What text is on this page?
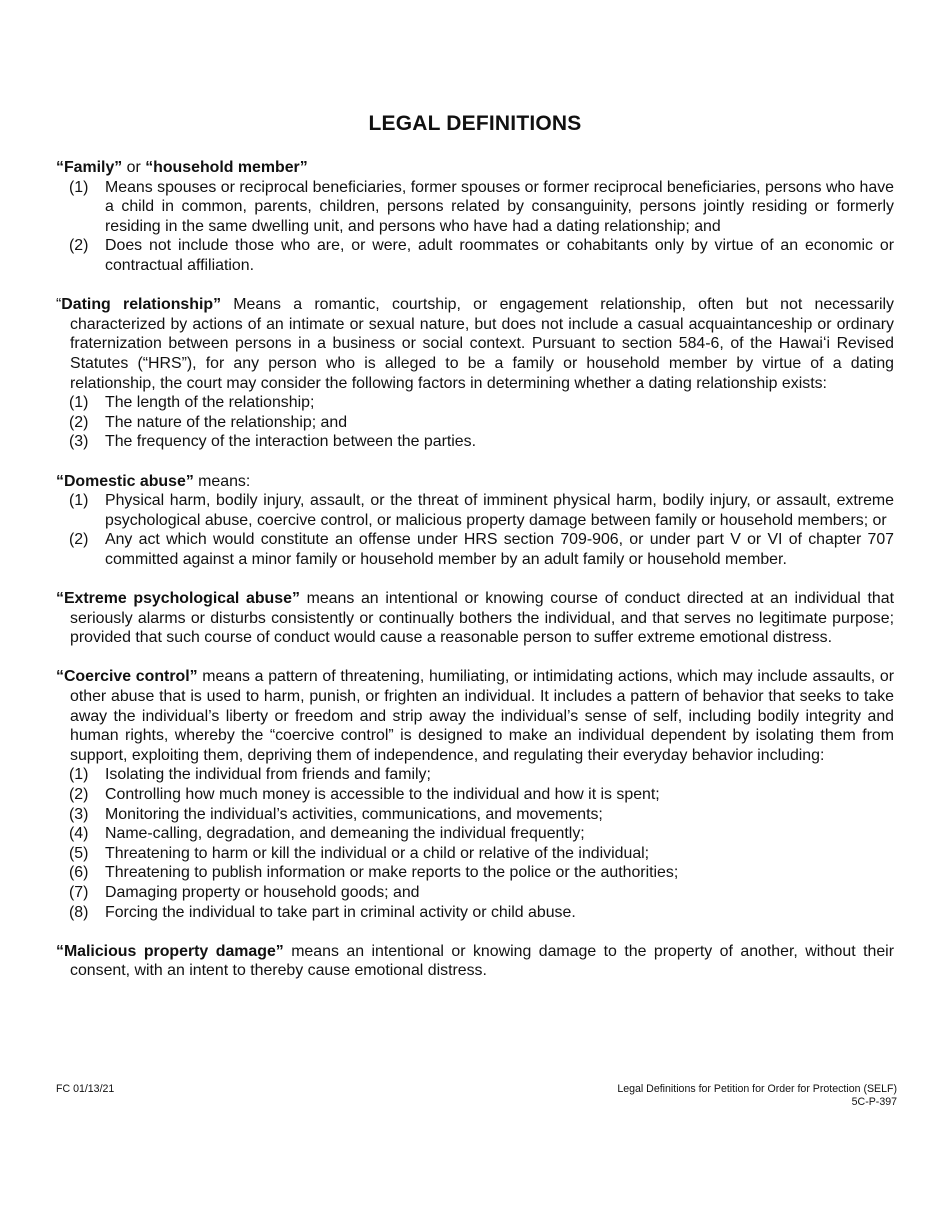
LEGAL DEFINITIONS
“Family” or “household member”
(1) Means spouses or reciprocal beneficiaries, former spouses or former reciprocal beneficiaries, persons who have a child in common, parents, children, persons related by consanguinity, persons jointly residing or formerly residing in the same dwelling unit, and persons who have had a dating relationship; and
(2) Does not include those who are, or were, adult roommates or cohabitants only by virtue of an economic or contractual affiliation.
“Dating relationship” Means a romantic, courtship, or engagement relationship, often but not necessarily characterized by actions of an intimate or sexual nature, but does not include a casual acquaintanceship or ordinary fraternization between persons in a business or social context. Pursuant to section 584-6, of the Hawaiʻi Revised Statutes (“HRS”), for any person who is alleged to be a family or household member by virtue of a dating relationship, the court may consider the following factors in determining whether a dating relationship exists:
(1) The length of the relationship;
(2) The nature of the relationship; and
(3) The frequency of the interaction between the parties.
“Domestic abuse” means:
(1) Physical harm, bodily injury, assault, or the threat of imminent physical harm, bodily injury, or assault, extreme psychological abuse, coercive control, or malicious property damage between family or household members; or
(2) Any act which would constitute an offense under HRS section 709-906, or under part V or VI of chapter 707 committed against a minor family or household member by an adult family or household member.
“Extreme psychological abuse” means an intentional or knowing course of conduct directed at an individual that seriously alarms or disturbs consistently or continually bothers the individual, and that serves no legitimate purpose; provided that such course of conduct would cause a reasonable person to suffer extreme emotional distress.
“Coercive control” means a pattern of threatening, humiliating, or intimidating actions, which may include assaults, or other abuse that is used to harm, punish, or frighten an individual. It includes a pattern of behavior that seeks to take away the individual’s liberty or freedom and strip away the individual’s sense of self, including bodily integrity and human rights, whereby the “coercive control” is designed to make an individual dependent by isolating them from support, exploiting them, depriving them of independence, and regulating their everyday behavior including:
(1) Isolating the individual from friends and family;
(2) Controlling how much money is accessible to the individual and how it is spent;
(3) Monitoring the individual’s activities, communications, and movements;
(4) Name-calling, degradation, and demeaning the individual frequently;
(5) Threatening to harm or kill the individual or a child or relative of the individual;
(6) Threatening to publish information or make reports to the police or the authorities;
(7) Damaging property or household goods; and
(8) Forcing the individual to take part in criminal activity or child abuse.
“Malicious property damage” means an intentional or knowing damage to the property of another, without their consent, with an intent to thereby cause emotional distress.
FC 01/13/21	Legal Definitions for Petition for Order for Protection (SELF)
5C-P-397
